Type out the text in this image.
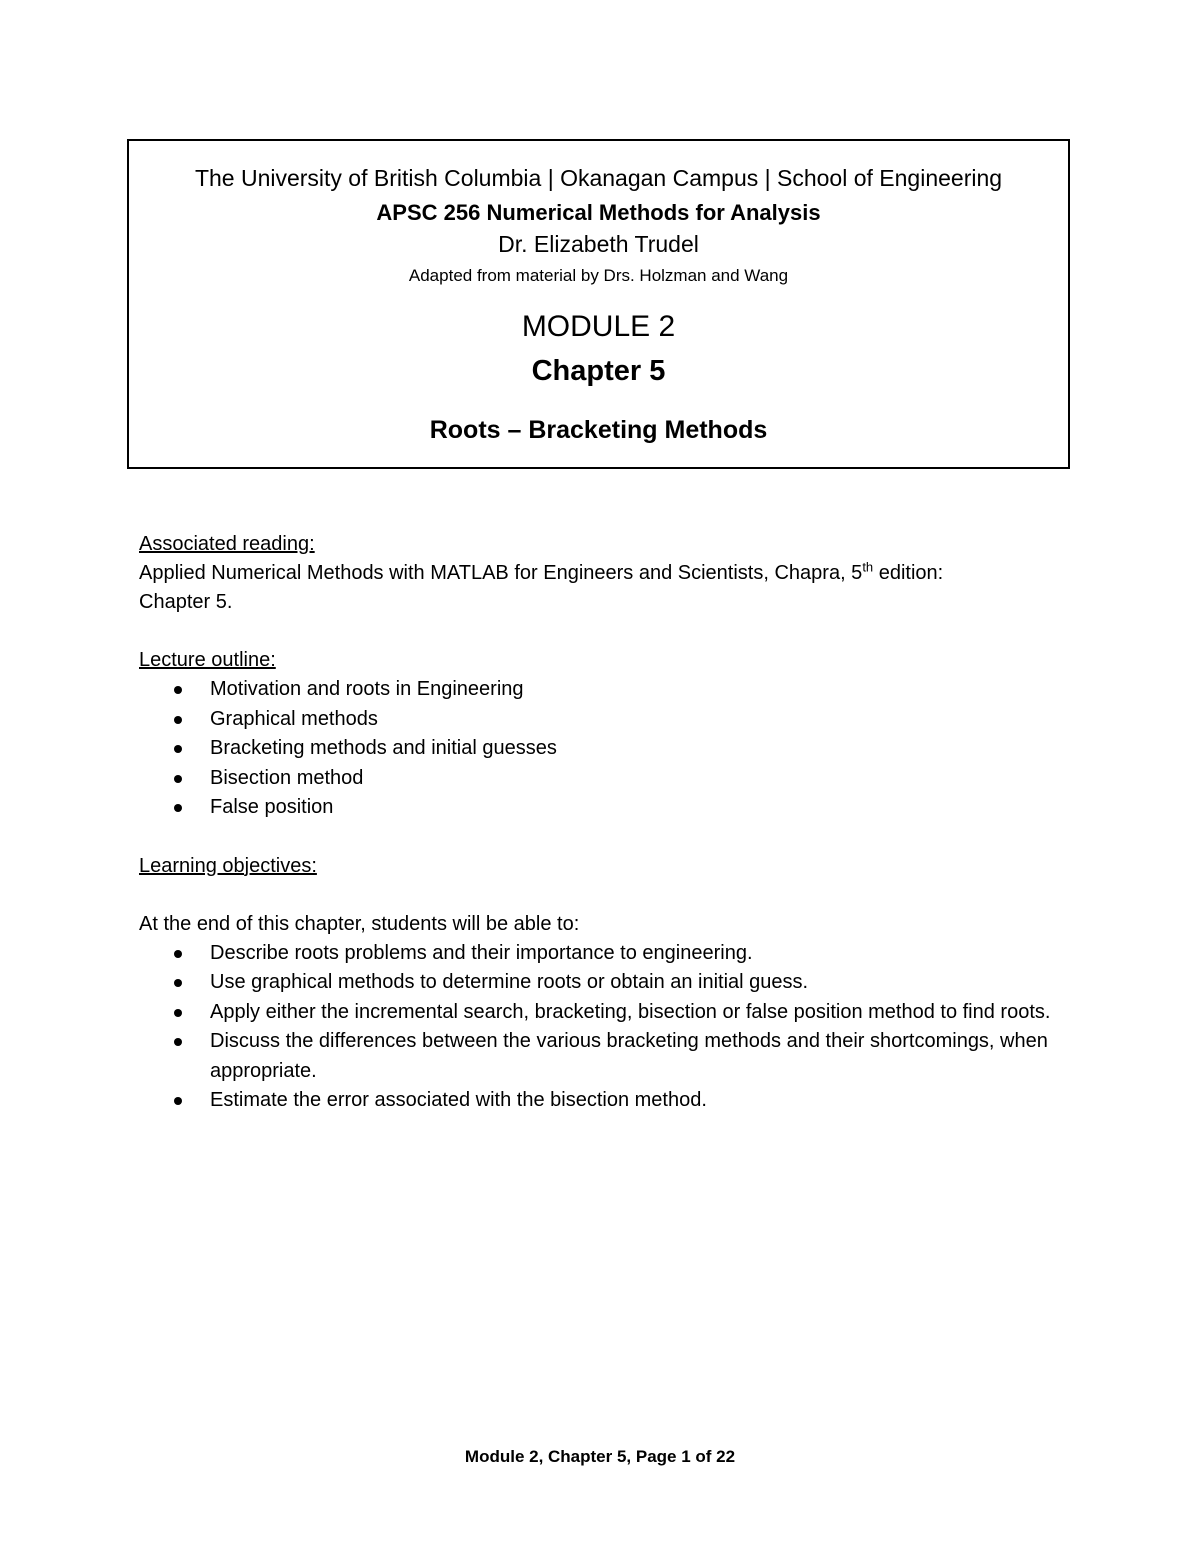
The University of British Columbia | Okanagan Campus | School of Engineering
APSC 256 Numerical Methods for Analysis
Dr. Elizabeth Trudel
Adapted from material by Drs. Holzman and Wang
MODULE 2
Chapter 5
Roots – Bracketing Methods

Associated reading:

Applied Numerical Methods with MATLAB for Engineers and Scientists, Chapra, 5th edition:

Chapter 5.

Lecture outline:

Motivation and roots in Engineering
Graphical methods
Bracketing methods and initial guesses
Bisection method
False position

Learning objectives:

At the end of this chapter, students will be able to:

Describe roots problems and their importance to engineering.
Use graphical methods to determine roots or obtain an initial guess.
Apply either the incremental search, bracketing, bisection or false position method to find roots.
Discuss the differences between the various bracketing methods and their shortcomings, when appropriate.
Estimate the error associated with the bisection method.
Module 2, Chapter 5, Page 1 of 22
